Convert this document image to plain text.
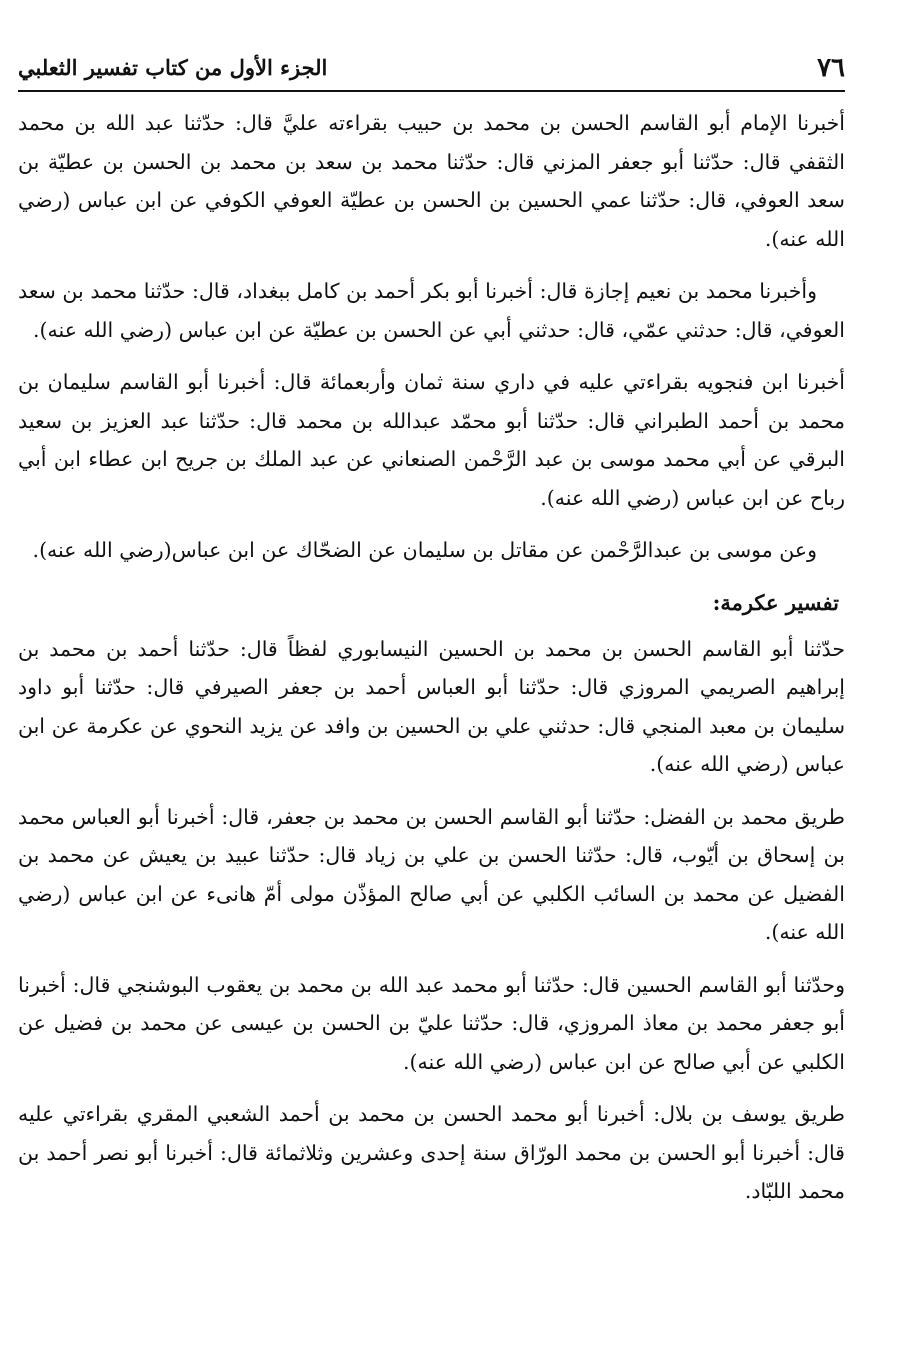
٧٦
الجزء الأول من كتاب تفسير الثعلبي

أخبرنا الإمام أبو القاسم الحسن بن محمد بن حبيب بقراءته عليَّ قال: حدّثنا عبد الله بن محمد الثقفي قال: حدّثنا أبو جعفر المزني قال: حدّثنا محمد بن سعد بن محمد بن الحسن بن عطيّة بن سعد العوفي، قال: حدّثنا عمي الحسين بن الحسن بن عطيّة العوفي الكوفي عن ابن عباس (رضي الله عنه).

وأخبرنا محمد بن نعيم إجازة قال: أخبرنا أبو بكر أحمد بن كامل ببغداد، قال: حدّثنا محمد بن سعد العوفي، قال: حدثني عمّي، قال: حدثني أبي عن الحسن بن عطيّة عن ابن عباس (رضي الله عنه).

أخبرنا ابن فنجويه بقراءتي عليه في داري سنة ثمان وأربعمائة قال: أخبرنا أبو القاسم سليمان بن محمد بن أحمد الطبراني قال: حدّثنا أبو محمّد عبدالله بن محمد قال: حدّثنا عبد العزيز بن سعيد البرقي عن أبي محمد موسى بن عبد الرَّحْمن الصنعاني عن عبد الملك بن جريح ابن عطاء ابن أبي رباح عن ابن عباس (رضي الله عنه).

وعن موسى بن عبدالرَّحْمن عن مقاتل بن سليمان عن الضحّاك عن ابن عباس(رضي الله عنه).

تفسير عكرمة:

حدّثنا أبو القاسم الحسن بن محمد بن الحسين النيسابوري لفظاً قال: حدّثنا أحمد بن محمد بن إبراهيم الصريمي المروزي قال: حدّثنا أبو العباس أحمد بن جعفر الصيرفي قال: حدّثنا أبو داود سليمان بن معبد المنجي قال: حدثني علي بن الحسين بن وافد عن يزيد النحوي عن عكرمة عن ابن عباس (رضي الله عنه).

طريق محمد بن الفضل: حدّثنا أبو القاسم الحسن بن محمد بن جعفر، قال: أخبرنا أبو العباس محمد بن إسحاق بن أيّوب، قال: حدّثنا الحسن بن علي بن زياد قال: حدّثنا عبيد بن يعيش عن محمد بن الفضيل عن محمد بن السائب الكلبي عن أبي صالح المؤذّن مولى أمّ هانىء عن ابن عباس (رضي الله عنه).

وحدّثنا أبو القاسم الحسين قال: حدّثنا أبو محمد عبد الله بن محمد بن يعقوب البوشنجي قال: أخبرنا أبو جعفر محمد بن معاذ المروزي، قال: حدّثنا عليّ بن الحسن بن عيسى عن محمد بن فضيل عن الكلبي عن أبي صالح عن ابن عباس (رضي الله عنه).

طريق يوسف بن بلال: أخبرنا أبو محمد الحسن بن محمد بن أحمد الشعبي المقري بقراءتي عليه قال: أخبرنا أبو الحسن بن محمد الورّاق سنة إحدى وعشرين وثلاثمائة قال: أخبرنا أبو نصر أحمد بن محمد اللبّاد.
